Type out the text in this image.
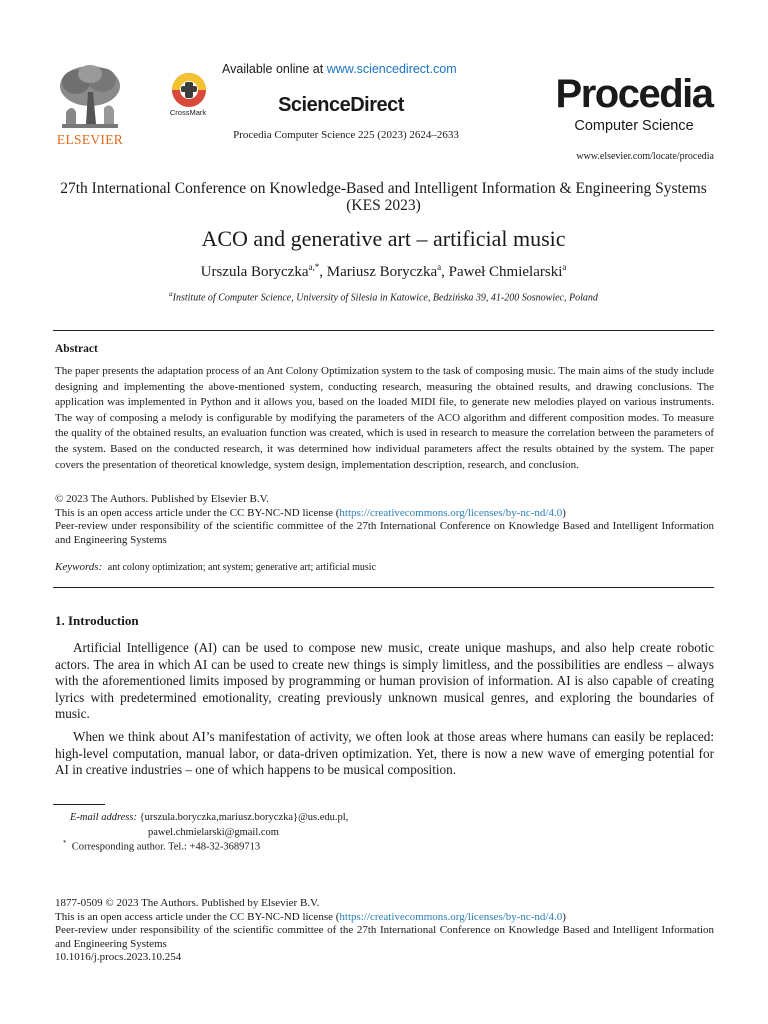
ELSEVIER
CrossMark
Available online at www.sciencedirect.com
ScienceDirect
Procedia Computer Science 225 (2023) 2624–2633
Procedia
Computer Science
www.elsevier.com/locate/procedia
27th International Conference on Knowledge-Based and Intelligent Information & Engineering Systems (KES 2023)
ACO and generative art – artificial music
Urszula Boryczka$^{a,*}$, Mariusz Boryczka$^a$, Paweł Chmielarski$^a$
$^a$Institute of Computer Science, University of Silesia in Katowice, Bedzińska 39, 41-200 Sosnowiec, Poland
Abstract
The paper presents the adaptation process of an Ant Colony Optimization system to the task of composing music. The main aims of the study include designing and implementing the above-mentioned system, conducting research, measuring the obtained results, and drawing conclusions. The application was implemented in Python and it allows you, based on the loaded MIDI file, to generate new melodies played on various instruments. The way of composing a melody is configurable by modifying the parameters of the ACO algorithm and different composition modes. To measure the quality of the obtained results, an evaluation function was created, which is used in research to measure the correlation between the parameters of the system. Based on the conducted research, it was determined how individual parameters affect the results obtained by the system. The paper covers the presentation of theoretical knowledge, system design, implementation description, research, and conclusion.
© 2023 The Authors. Published by Elsevier B.V.
This is an open access article under the CC BY-NC-ND license (https://creativecommons.org/licenses/by-nc-nd/4.0)
Peer-review under responsibility of the scientific committee of the 27th International Conference on Knowledge Based and Intelligent Information and Engineering Systems
Keywords: ant colony optimization; ant system; generative art; artificial music
1. Introduction
Artificial Intelligence (AI) can be used to compose new music, create unique mashups, and also help create robotic actors. The area in which AI can be used to create new things is simply limitless, and the possibilities are endless – always with the aforementioned limits imposed by programming or human provision of information. AI is also capable of creating lyrics with predetermined emotionality, creating previously unknown musical genres, and exploring the boundaries of music.
When we think about AI’s manifestation of activity, we often look at those areas where humans can easily be replaced: high-level computation, manual labor, or data-driven optimization. Yet, there is now a new wave of emerging potential for AI in creative industries – one of which happens to be musical composition.
E-mail address: {urszula.boryczka,mariusz.boryczka}@us.edu.pl,
pawel.chmielarski@gmail.com
* Corresponding author. Tel.: +48-32-3689713
1877-0509 © 2023 The Authors. Published by Elsevier B.V.
This is an open access article under the CC BY-NC-ND license (https://creativecommons.org/licenses/by-nc-nd/4.0)
Peer-review under responsibility of the scientific committee of the 27th International Conference on Knowledge Based and Intelligent Information and Engineering Systems
10.1016/j.procs.2023.10.254
